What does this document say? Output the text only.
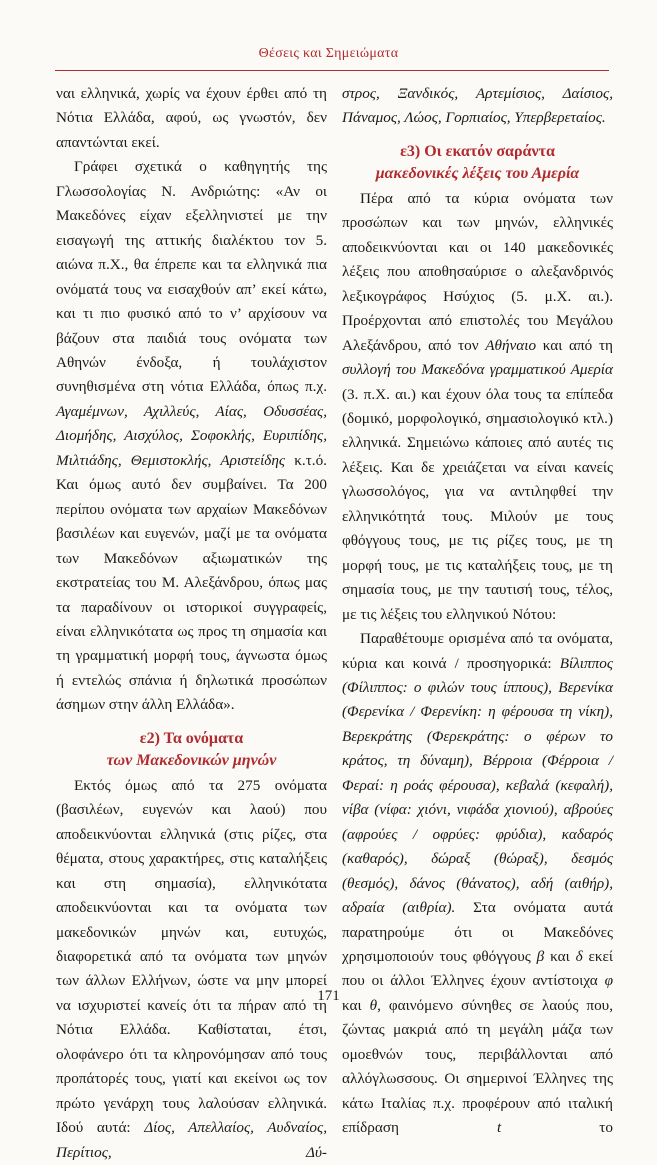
Θέσεις και Σημειώματα

ναι ελληνικά, χωρίς να έχουν έρθει από τη Νότια Ελλάδα, αφού, ως γνωστόν, δεν απαντώνται εκεί.

Γράφει σχετικά ο καθηγητής της Γλωσσολογίας Ν. Ανδριώτης: «Αν οι Μακεδόνες είχαν εξελληνιστεί με την εισαγωγή της αττικής διαλέκτου τον 5. αιώνα π.Χ., θα έπρεπε και τα ελληνικά πια ονόματά τους να εισαχθούν απ’ εκεί κάτω, και τι πιο φυσικό από το ν’ αρχίσουν να βάζουν στα παιδιά τους ονόματα των Αθηνών ένδοξα, ή τουλάχιστον συνηθισμένα στη νότια Ελλάδα, όπως π.χ. Αγαμέμνων, Αχιλλεύς, Αίας, Οδυσσέας, Διομήδης, Αισχύλος, Σοφοκλής, Ευριπίδης, Μιλτιάδης, Θεμιστοκλής, Αριστείδης κ.τ.ό. Και όμως αυτό δεν συμβαίνει. Τα 200 περίπου ονόματα των αρχαίων Μακεδόνων βασιλέων και ευγενών, μαζί με τα ονόματα των Μακεδόνων αξιωματικών της εκστρατείας του Μ. Αλεξάνδρου, όπως μας τα παραδίνουν οι ιστορικοί συγγραφείς, είναι ελληνικότατα ως προς τη σημασία και τη γραμματική μορφή τους, άγνωστα όμως ή εντελώς σπάνια ή δηλωτικά προσώπων άσημων στην άλλη Ελλάδα».

ε2) Τα ονόματα
των Μακεδονικών μηνών

Εκτός όμως από τα 275 ονόματα (βασιλέων, ευγενών και λαού) που αποδεικνύονται ελληνικά (στις ρίζες, στα θέματα, στους χαρακτήρες, στις καταλήξεις και στη σημασία), ελληνικότατα αποδεικνύονται και τα ονόματα των μακεδονικών μηνών και, ευτυχώς, διαφορετικά από τα ονόματα των μηνών των άλλων Ελλήνων, ώστε να μην μπορεί να ισχυριστεί κανείς ότι τα πήραν από τη Νότια Ελλάδα. Καθίσταται, έτσι, ολοφάνερο ότι τα κληρονόμησαν από τους προπάτορές τους, γιατί και εκείνοι ως τον πρώτο γενάρχη τους λαλούσαν ελληνικά. Ιδού αυτά: Δίος, Απελλαίος, Αυδναίος, Περίτιος, Δύ-

στρος, Ξανδικός, Αρτεμίσιος, Δαίσιος, Πάναμος, Λώος, Γορπιαίος, Υπερβερεταίος.

ε3) Οι εκατόν σαράντα
μακεδονικές λέξεις του Αμερία

Πέρα από τα κύρια ονόματα των προσώπων και των μηνών, ελληνικές αποδεικνύονται και οι 140 μακεδονικές λέξεις που αποθησαύρισε ο αλεξανδρινός λεξικογράφος Ησύχιος (5. μ.Χ. αι.). Προέρχονται από επιστολές του Μεγάλου Αλεξάνδρου, από τον Αθήναιο και από τη συλλογή του Μακεδόνα γραμματικού Αμερία (3. π.Χ. αι.) και έχουν όλα τους τα επίπεδα (δομικό, μορφολογικό, σημασιολογικό κτλ.) ελληνικά. Σημειώνω κάποιες από αυτές τις λέξεις. Και δε χρειάζεται να είναι κανείς γλωσσολόγος, για να αντιληφθεί την ελληνικότητά τους. Μιλούν με τους φθόγγους τους, με τις ρίζες τους, με τη μορφή τους, με τις καταλήξεις τους, με τη σημασία τους, με την ταυτισή τους, τέλος, με τις λέξεις του ελληνικού Νότου:

Παραθέτουμε ορισμένα από τα ονόματα, κύρια και κοινά / προσηγορικά: Βίλιππος (Φίλιππος: ο φιλών τους ίππους), Βερενίκα (Φερενίκα / Φερενίκη: η φέρουσα τη νίκη), Βερεκράτης (Φερεκράτης: ο φέρων το κράτος, τη δύναμη), Βέρροια (Φέρροια / Φεραί: η ροάς φέρουσα), κεβαλά (κεφαλή), νίβα (νίφα: χιόνι, νιφάδα χιονιού), αβρούες (αφρούες / οφρύες: φρύδια), καδαρός (καθαρός), δώραξ (θώραξ), δεσμός (θεσμός), δάνος (θάνατος), αδή (αιθήρ), αδραία (αιθρία). Στα ονόματα αυτά παρατηρούμε ότι οι Μακεδόνες χρησιμοποιούν τους φθόγγους β και δ εκεί που οι άλλοι Έλληνες έχουν αντίστοιχα φ και θ, φαινόμενο σύνηθες σε λαούς που, ζώντας μακριά από τη μεγάλη μάζα των ομοεθνών τους, περιβάλλονται από αλλόγλωσσους. Οι σημερινοί Έλληνες της κάτω Ιταλίας π.χ. προφέρουν από ιταλική επίδραση t το

171
